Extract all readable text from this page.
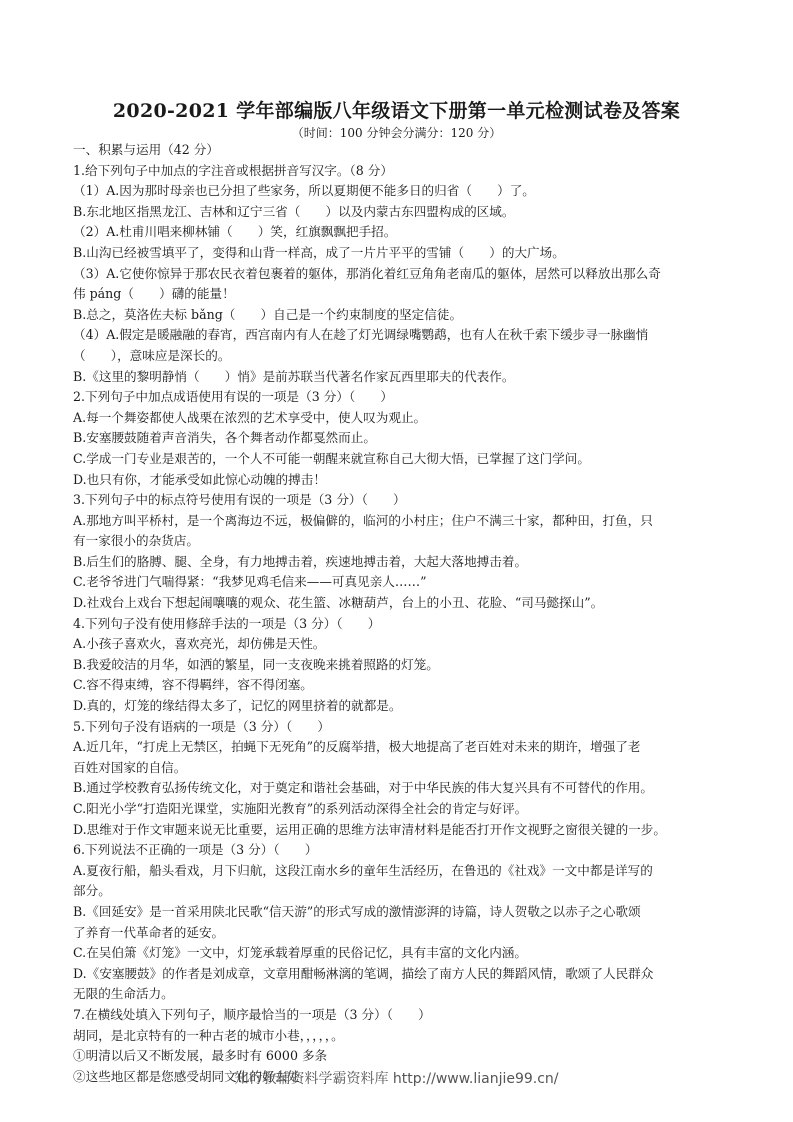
2020-2021 学年部编版八年级语文下册第一单元检测试卷及答案
（时间：100 分钟会分满分：120 分）

一、积累与运用（42 分）

1.给下列句子中加点的字注音或根据拼音写汉字。（8 分）

（1）A.因为那时母亲也已分担了些家务，所以夏期便不能多日的归省（　　）了。

B.东北地区指黑龙江、吉林和辽宁三省（　　）以及内蒙古东四盟构成的区域。

（2）A.杜甫川唱来柳林铺（　　）笑，红旗飘飘把手招。

B.山沟已经被雪填平了，变得和山背一样高，成了一片片平平的雪铺（　　）的大广场。

（3）A.它使你惊异于那农民衣着包裹着的躯体，那消化着红豆角角老南瓜的躯体，居然可以释放出那么奇

伟 páng（　　）礴的能量！

B.总之，莫洛佐夫标 bǎng（　　）自己是一个约束制度的坚定信徒。

（4）A.假定是暖融融的春宵，西宫南内有人在趁了灯光调绿嘴鹦鹉，也有人在秋千索下缓步寻一脉幽悄

（　　），意味应是深长的。

B.《这里的黎明静悄（　　）悄》是前苏联当代著名作家瓦西里耶夫的代表作。

2.下列句子中加点成语使用有误的一项是（3 分）（　　）

A.每一个舞姿都使人战栗在浓烈的艺术享受中，使人叹为观止。

B.安塞腰鼓随着声音消失，各个舞者动作都戛然而止。

C.学成一门专业是艰苦的，一个人不可能一朝醒来就宣称自己大彻大悟，已掌握了这门学问。

D.也只有你，才能承受如此惊心动魄的搏击！

3.下列句子中的标点符号使用有误的一项是（3 分）（　　）

A.那地方叫平桥村，是一个离海边不远，极偏僻的，临河的小村庄；住户不满三十家，都种田，打鱼，只

有一家很小的杂货店。

B.后生们的胳膊、腿、全身，有力地搏击着，疾速地搏击着，大起大落地搏击着。

C.老爷爷进门气喘得紧：“我梦见鸡毛信来——可真见亲人……”

D.社戏台上戏台下想起闹嚷嚷的观众、花生篮、冰糖葫芦，台上的小丑、花脸、“司马懿探山”。

4.下列句子没有使用修辞手法的一项是（3 分）（　　）

A.小孩子喜欢火，喜欢亮光，却仿佛是天性。

B.我爱皎洁的月华，如洒的繁星，同一支夜晚来挑着照路的灯笼。

C.容不得束缚，容不得羁绊，容不得闭塞。

D.真的，灯笼的缘结得太多了，记忆的网里挤着的就都是。

5.下列句子没有语病的一项是（3 分）（　　）

A.近几年，“打虎上无禁区，拍蝇下无死角”的反腐举措，极大地提高了老百姓对未来的期许，增强了老

百姓对国家的自信。

B.通过学校教育弘扬传统文化，对于奠定和谐社会基础，对于中华民族的伟大复兴具有不可替代的作用。

C.阳光小学“打造阳光课堂，实施阳光教育”的系列活动深得全社会的肯定与好评。

D.思维对于作文审题来说无比重要，运用正确的思维方法审清材料是能否打开作文视野之窗很关键的一步。

6.下列说法不正确的一项是（3 分）（　　）

A.夏夜行船，船头看戏，月下归航，这段江南水乡的童年生活经历，在鲁迅的《社戏》一文中都是详写的

部分。

B.《回延安》是一首采用陕北民歌“信天游”的形式写成的激情澎湃的诗篇，诗人贺敬之以赤子之心歌颂

了养育一代革命者的延安。

C.在吴伯箫《灯笼》一文中，灯笼承载着厚重的民俗记忆，具有丰富的文化内涵。

D.《安塞腰鼓》的作者是刘成章，文章用酣畅淋漓的笔调，描绘了南方人民的舞蹈风情，歌颂了人民群众

无限的生命活力。

7.在横线处填入下列句子，顺序最恰当的一项是（3 分）（　　）

胡同，是北京特有的一种古老的城市小巷，，，，，。

①明清以后又不断发展，最多时有 6000 多条

②这些地区都是您感受胡同文化的好去处

知行教辅资料学霸资料库 http://www.lianjie99.cn/
